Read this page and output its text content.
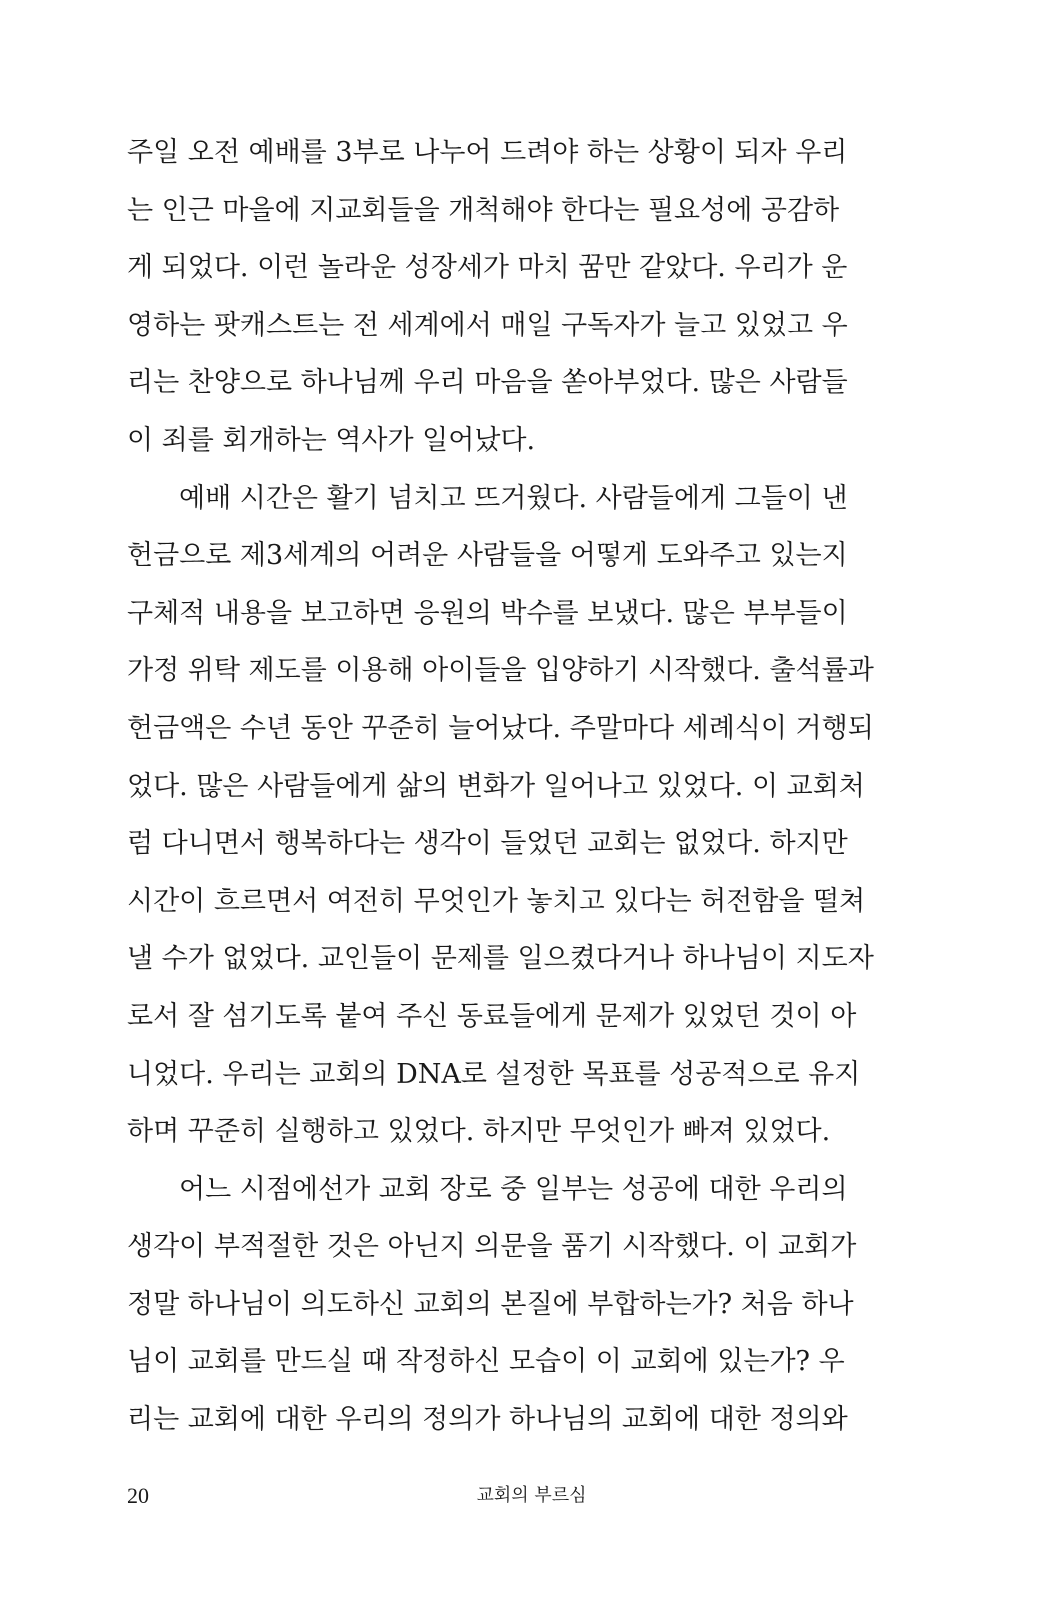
주일 오전 예배를 3부로 나누어 드려야 하는 상황이 되자 우리
는 인근 마을에 지교회들을 개척해야 한다는 필요성에 공감하
게 되었다. 이런 놀라운 성장세가 마치 꿈만 같았다. 우리가 운
영하는 팟캐스트는 전 세계에서 매일 구독자가 늘고 있었고 우
리는 찬양으로 하나님께 우리 마음을 쏟아부었다. 많은 사람들
이 죄를 회개하는 역사가 일어났다.
예배 시간은 활기 넘치고 뜨거웠다. 사람들에게 그들이 낸
헌금으로 제3세계의 어려운 사람들을 어떻게 도와주고 있는지
구체적 내용을 보고하면 응원의 박수를 보냈다. 많은 부부들이
가정 위탁 제도를 이용해 아이들을 입양하기 시작했다. 출석률과
헌금액은 수년 동안 꾸준히 늘어났다. 주말마다 세례식이 거행되
었다. 많은 사람들에게 삶의 변화가 일어나고 있었다. 이 교회처
럼 다니면서 행복하다는 생각이 들었던 교회는 없었다. 하지만
시간이 흐르면서 여전히 무엇인가 놓치고 있다는 허전함을 떨쳐
낼 수가 없었다. 교인들이 문제를 일으켰다거나 하나님이 지도자
로서 잘 섬기도록 붙여 주신 동료들에게 문제가 있었던 것이 아
니었다. 우리는 교회의 DNA로 설정한 목표를 성공적으로 유지
하며 꾸준히 실행하고 있었다. 하지만 무엇인가 빠져 있었다.
어느 시점에선가 교회 장로 중 일부는 성공에 대한 우리의
생각이 부적절한 것은 아닌지 의문을 품기 시작했다. 이 교회가
정말 하나님이 의도하신 교회의 본질에 부합하는가? 처음 하나
님이 교회를 만드실 때 작정하신 모습이 이 교회에 있는가? 우
리는 교회에 대한 우리의 정의가 하나님의 교회에 대한 정의와
20	교회의 부르심
